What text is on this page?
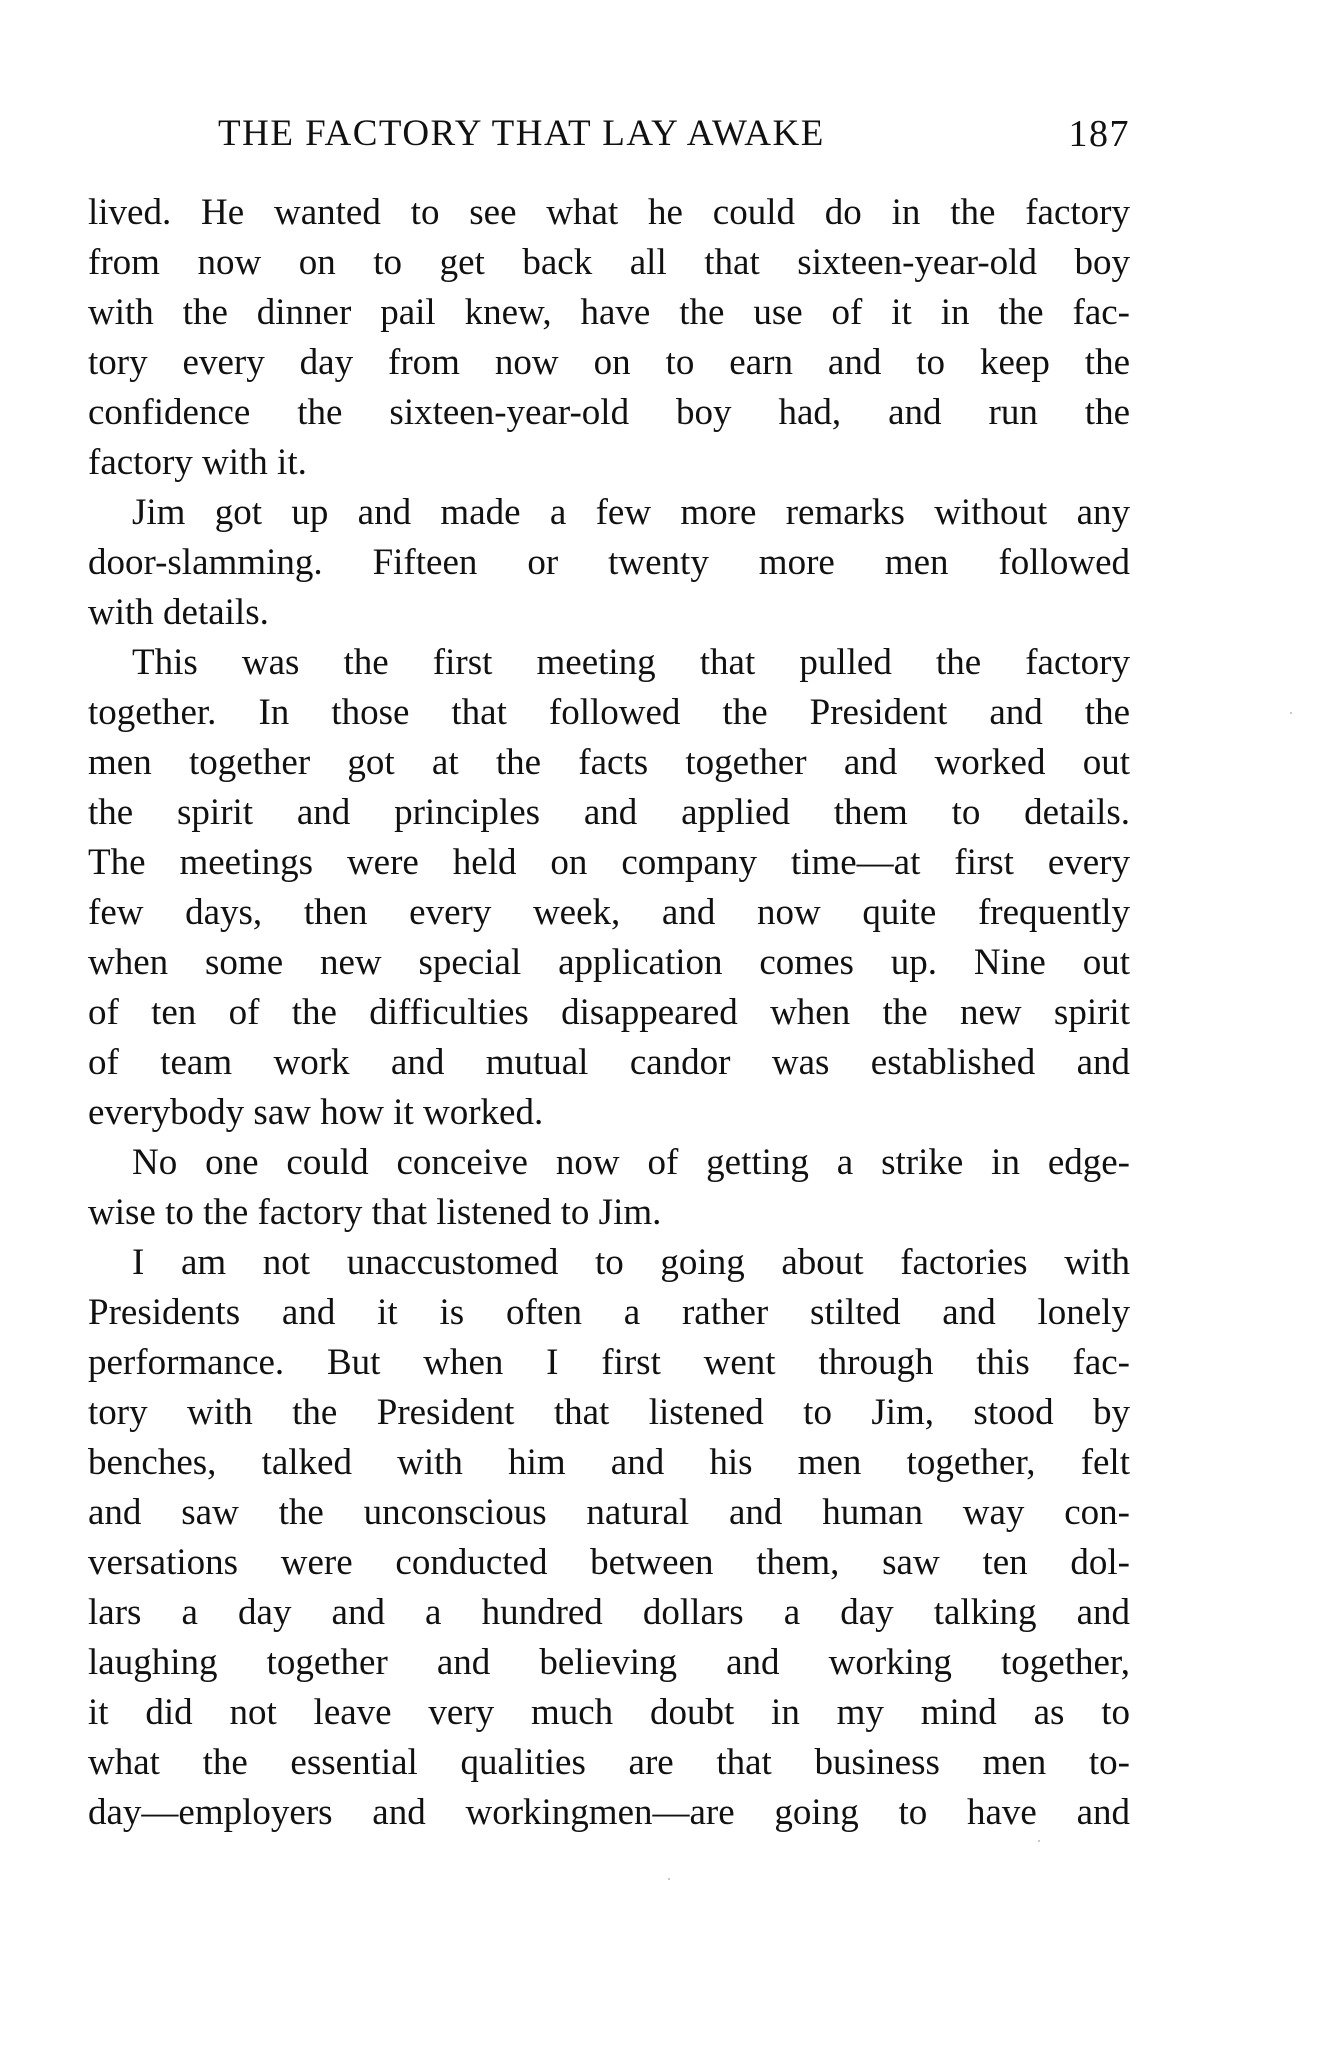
THE FACTORY THAT LAY AWAKE	187
lived. He wanted to see what he could do in the factory
from now on to get back all that sixteen-year-old boy
with the dinner pail knew, have the use of it in the fac-
tory every day from now on to earn and to keep the
confidence the sixteen-year-old boy had, and run the
factory with it.
Jim got up and made a few more remarks without any
door-slamming. Fifteen or twenty more men followed
with details.
This was the first meeting that pulled the factory
together. In those that followed the President and the
men together got at the facts together and worked out
the spirit and principles and applied them to details.
The meetings were held on company time—at first every
few days, then every week, and now quite frequently
when some new special application comes up. Nine out
of ten of the difficulties disappeared when the new spirit
of team work and mutual candor was established and
everybody saw how it worked.
No one could conceive now of getting a strike in edge-
wise to the factory that listened to Jim.
I am not unaccustomed to going about factories with
Presidents and it is often a rather stilted and lonely
performance. But when I first went through this fac-
tory with the President that listened to Jim, stood by
benches, talked with him and his men together, felt
and saw the unconscious natural and human way con-
versations were conducted between them, saw ten dol-
lars a day and a hundred dollars a day talking and
laughing together and believing and working together,
it did not leave very much doubt in my mind as to
what the essential qualities are that business men to-
day—employers and workingmen—are going to have and
